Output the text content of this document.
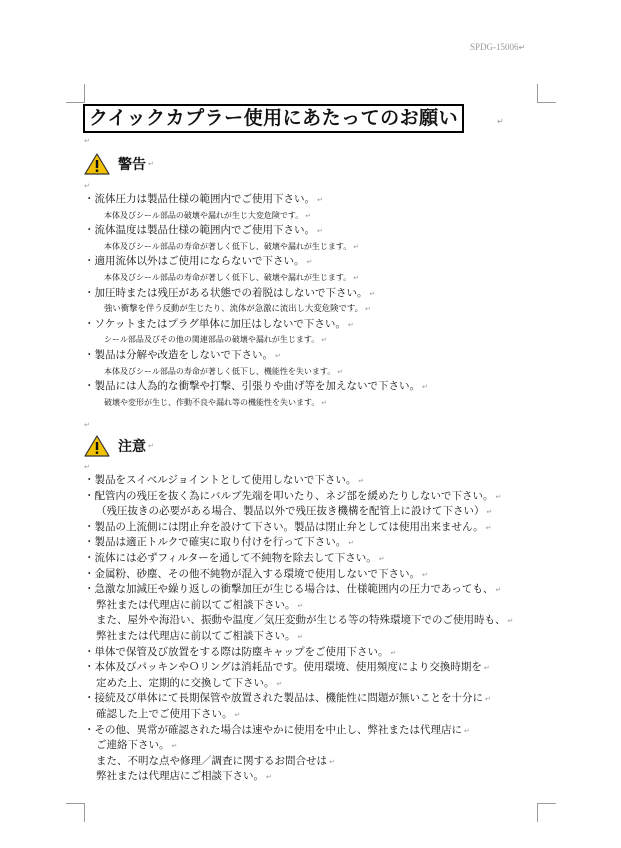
SPDG-15006↵
クイックカプラー使用にあたってのお願い	↵
↵
警告 ↵
↵
・流体圧力は製品仕様の範囲内でご使用下さい。 ↵
本体及びシール部品の破壊や漏れが生じ大変危険です。 ↵
・流体温度は製品仕様の範囲内でご使用下さい。 ↵
本体及びシール部品の寿命が著しく低下し、破壊や漏れが生じます。 ↵
・適用流体以外はご使用にならないで下さい。 ↵
本体及びシール部品の寿命が著しく低下し、破壊や漏れが生じます。 ↵
・加圧時または残圧がある状態での着脱はしないで下さい。 ↵
強い衝撃を伴う反動が生じたり、流体が急激に流出し大変危険です。 ↵
・ソケットまたはプラグ単体に加圧はしないで下さい。 ↵
シール部品及びその他の関連部品の破壊や漏れが生じます。 ↵
・製品は分解や改造をしないで下さい。 ↵
本体及びシール部品の寿命が著しく低下し、機能性を失います。 ↵
・製品には人為的な衝撃や打撃、引張りや曲げ等を加えないで下さい。 ↵
破壊や変形が生じ、作動不良や漏れ等の機能性を失います。 ↵
↵
注意 ↵
↵
・製品をスイベルジョイントとして使用しないで下さい。 ↵
・配管内の残圧を抜く為にバルブ先端を叩いたり、ネジ部を緩めたりしないで下さい。 ↵
（残圧抜きの必要がある場合、製品以外で残圧抜き機構を配管上に設けて下さい） ↵
・製品の上流側には閉止弁を設けて下さい。製品は閉止弁としては使用出来ません。 ↵
・製品は適正トルクで確実に取り付けを行って下さい。 ↵
・流体には必ずフィルターを通して不純物を除去して下さい。 ↵
・金属粉、砂塵、その他不純物が混入する環境で使用しないで下さい。 ↵
・急激な加減圧や繰り返しの衝撃加圧が生じる場合は、仕様範囲内の圧力であっても、 ↵
弊社または代理店に前以てご相談下さい。 ↵
また、屋外や海沿い、振動や温度／気圧変動が生じる等の特殊環境下でのご使用時も、 ↵
弊社または代理店に前以てご相談下さい。 ↵
・単体で保管及び放置をする際は防塵キャップをご使用下さい。 ↵
・本体及びパッキンやＯリングは消耗品です。使用環境、使用頻度により交換時期を ↵
定めた上、定期的に交換して下さい。 ↵
・接続及び単体にて長期保管や放置された製品は、機能性に問題が無いことを十分に ↵
確認した上でご使用下さい。 ↵
・その他、異常が確認された場合は速やかに使用を中止し、弊社または代理店に ↵
ご連絡下さい。 ↵
また、不明な点や修理／調査に関するお問合せは ↵
弊社または代理店にご相談下さい。 ↵
